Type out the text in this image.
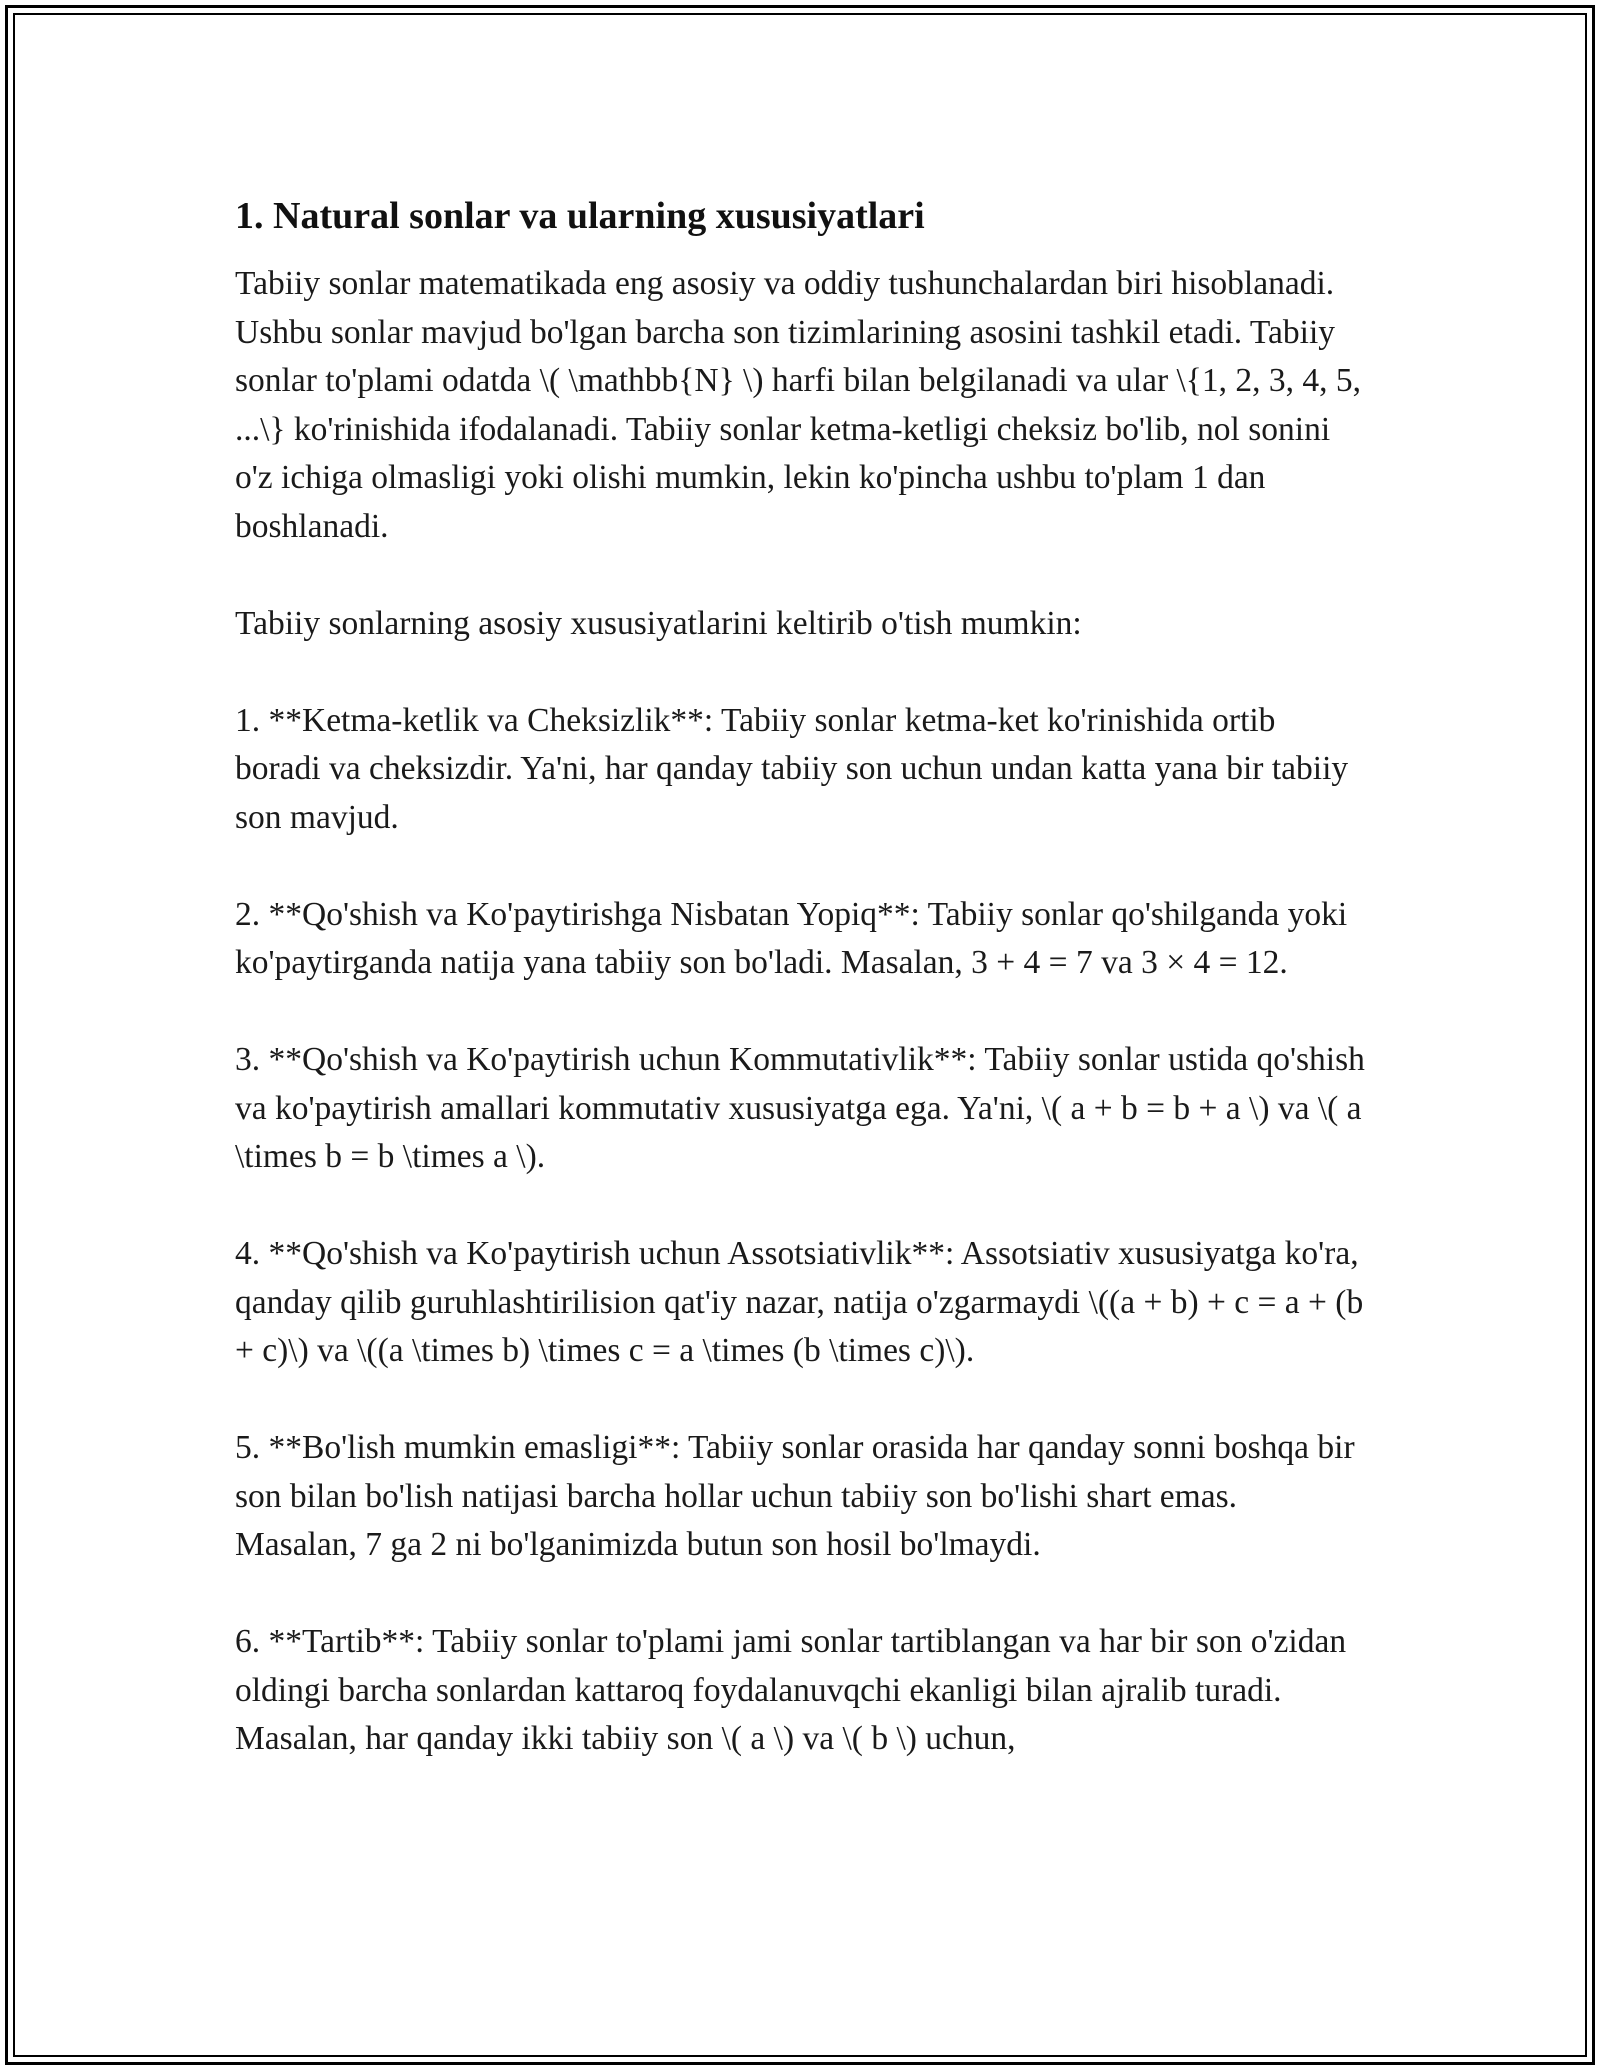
1. Natural sonlar va ularning xususiyatlari

Tabiiy sonlar matematikada eng asosiy va oddiy tushunchalardan biri hisoblanadi. Ushbu sonlar mavjud bo'lgan barcha son tizimlarining asosini tashkil etadi. Tabiiy sonlar to'plami odatda \( \mathbb{N} \) harfi bilan belgilanadi va ular \{1, 2, 3, 4, 5, ...\} ko'rinishida ifodalanadi. Tabiiy sonlar ketma-ketligi cheksiz bo'lib, nol sonini o'z ichiga olmasligi yoki olishi mumkin, lekin ko'pincha ushbu to'plam 1 dan boshlanadi.

Tabiiy sonlarning asosiy xususiyatlarini keltirib o'tish mumkin:

1. **Ketma-ketlik va Cheksizlik**: Tabiiy sonlar ketma-ket ko'rinishida ortib boradi va cheksizdir. Ya'ni, har qanday tabiiy son uchun undan katta yana bir tabiiy son mavjud.

2. **Qo'shish va Ko'paytirishga Nisbatan Yopiq**: Tabiiy sonlar qo'shilganda yoki ko'paytirganda natija yana tabiiy son bo'ladi. Masalan, 3 + 4 = 7 va 3 × 4 = 12.

3. **Qo'shish va Ko'paytirish uchun Kommutativlik**: Tabiiy sonlar ustida qo'shish va ko'paytirish amallari kommutativ xususiyatga ega. Ya'ni, \( a + b = b + a \) va \( a \times b = b \times a \).

4. **Qo'shish va Ko'paytirish uchun Assotsiativlik**: Assotsiativ xususiyatga ko'ra, qanday qilib guruhlashtirilision qat'iy nazar, natija o'zgarmaydi \((a + b) + c = a + (b + c)\) va \((a \times b) \times c = a \times (b \times c)\).

5. **Bo'lish mumkin emasligi**: Tabiiy sonlar orasida har qanday sonni boshqa bir son bilan bo'lish natijasi barcha hollar uchun tabiiy son bo'lishi shart emas. Masalan, 7 ga 2 ni bo'lganimizda butun son hosil bo'lmaydi.

6. **Tartib**: Tabiiy sonlar to'plami jami sonlar tartiblangan va har bir son o'zidan oldingi barcha sonlardan kattaroq foydalanuvqchi ekanligi bilan ajralib turadi. Masalan, har qanday ikki tabiiy son \( a \) va \( b \) uchun,
